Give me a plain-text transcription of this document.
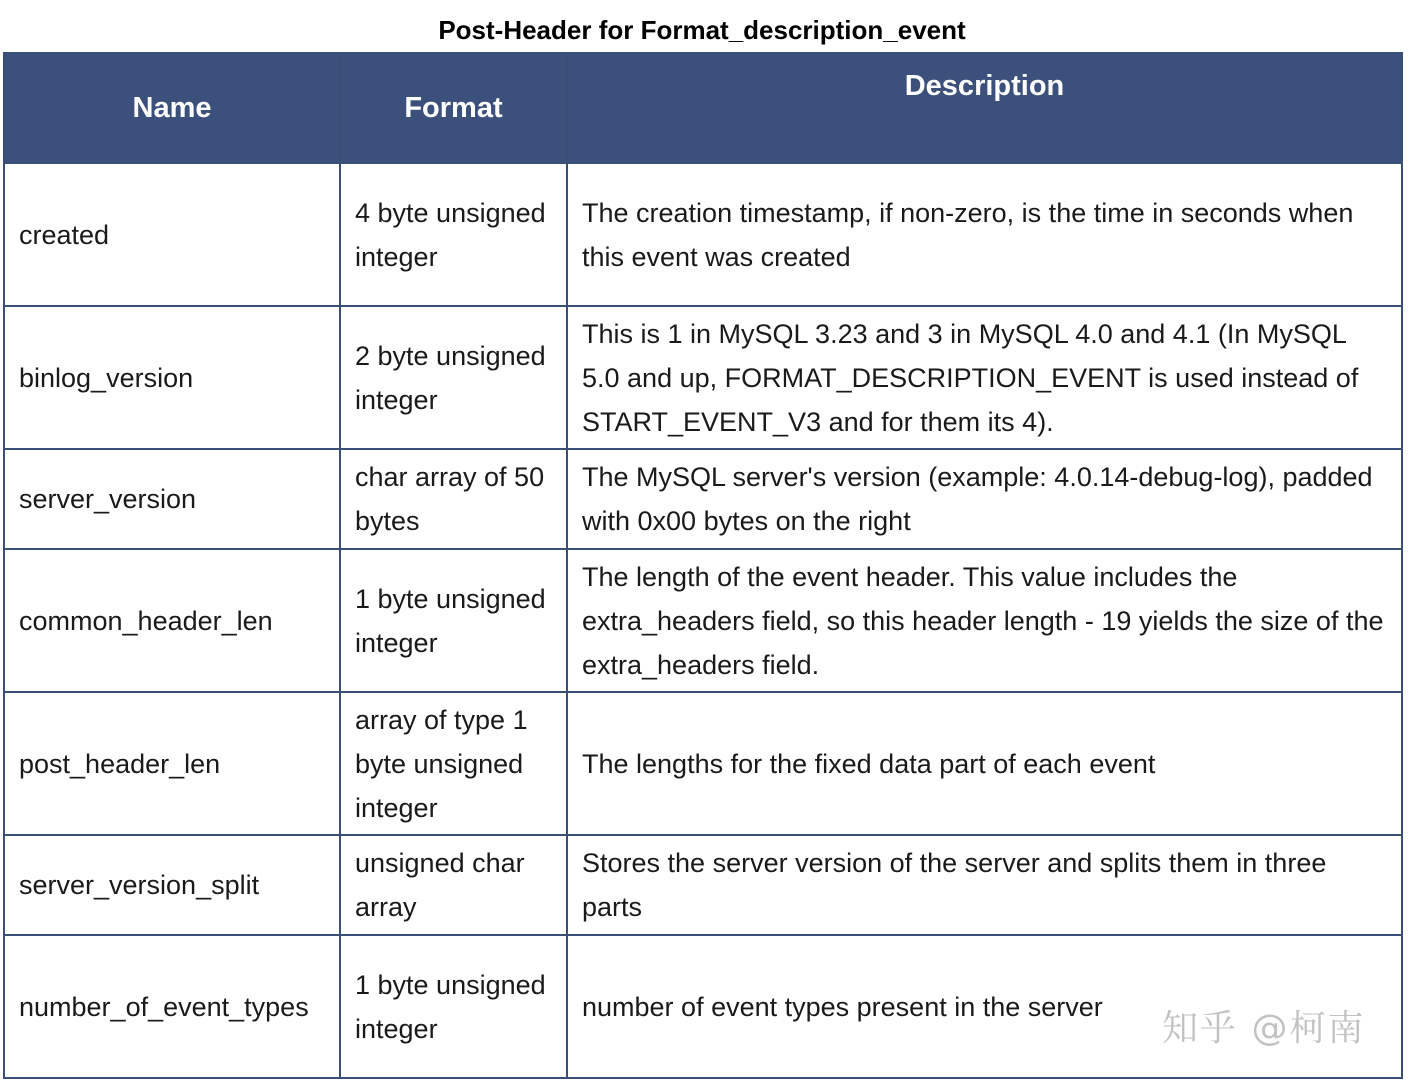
Post-Header for Format_description_event
Name	Format	Description
created	4 byte unsigned integer	The creation timestamp, if non-zero, is the time in seconds when this event was created
binlog_version	2 byte unsigned integer	This is 1 in MySQL 3.23 and 3 in MySQL 4.0 and 4.1 (In MySQL 5.0 and up, FORMAT_DESCRIPTION_EVENT is used instead of START_EVENT_V3 and for them its 4).
server_version	char array of 50 bytes	The MySQL server's version (example: 4.0.14-debug-log), padded with 0x00 bytes on the right
common_header_len	1 byte unsigned integer	The length of the event header. This value includes the extra_headers field, so this header length - 19 yields the size of the extra_headers field.
post_header_len	array of type 1 byte unsigned integer	The lengths for the fixed data part of each event
server_version_split	unsigned char array	Stores the server version of the server and splits them in three parts
number_of_event_types	1 byte unsigned integer	number of event types present in the server
知乎 @柯南
